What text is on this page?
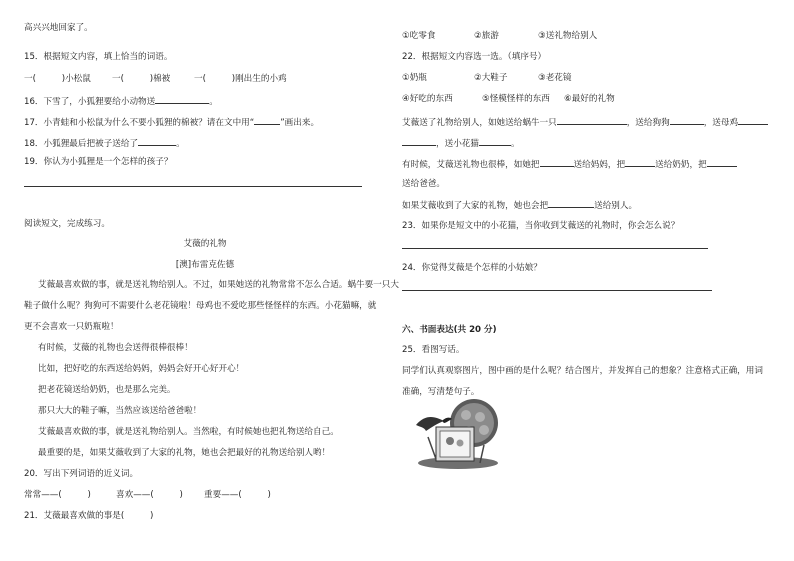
高兴兴地回家了。
15．根据短文内容，填上恰当的词语。
一(　　　)小松鼠 一(　　　)棉被	一(　　　)刚出生的小鸡
16．下雪了，小狐狸要给小动物送	。
17．小青蛙和小松鼠为什么不要小狐狸的棉被？请在文中用“	”画出来。
18．小狐狸最后把被子送给了	。
19．你认为小狐狸是一个怎样的孩子？
阅读短文，完成练习。
艾薇的礼物
[澳]布雷克佐德
艾薇最喜欢做的事，就是送礼物给别人。不过，如果她送的礼物常常不怎么合适。蜗牛要一只大
鞋子做什么呢？狗狗可不需要什么老花镜啦！母鸡也不爱吃那些怪怪样的东西。小花猫嘛，就
更不会喜欢一只奶瓶啦！
有时候，艾薇的礼物也会送得很棒很棒！
比如，把好吃的东西送给妈妈，妈妈会好开心好开心！
把老花镜送给奶奶，也是那么完美。
那只大大的鞋子嘛，当然应该送给爸爸啦！
艾薇最喜欢做的事，就是送礼物给别人。当然啦，有时候她也把礼物送给自己。
最重要的是，如果艾薇收到了大家的礼物，她也会把最好的礼物送给别人哟！
20．写出下列词语的近义词。
常常——(　　　)	喜欢——(　　　) 重要——(　　　)
21．艾薇最喜欢做的事是(　　　)
①吃零食	②旅游	③送礼物给别人
22．根据短文内容选一选。（填序号）
①奶瓶	②大鞋子	③老花镜
④好吃的东西	⑤怪模怪样的东西 ⑥最好的礼物
艾薇送了礼物给别人，如她送给蜗牛一只	，送给狗狗	，送母鸡
，送小花猫	。
有时候，艾薇送礼物也很棒，如她把	送给妈妈，把	送给奶奶，把
送给爸爸。
如果艾薇收到了大家的礼物，她也会把	送给别人。
23．如果你是短文中的小花猫，当你收到艾薇送的礼物时，你会怎么说？
24．你觉得艾薇是个怎样的小姑娘？
六、书面表达(共 20 分)
25．看图写话。
同学们认真观察图片，图中画的是什么呢？结合图片，并发挥自己的想象？注意格式正确，用词
准确，写清楚句子。
